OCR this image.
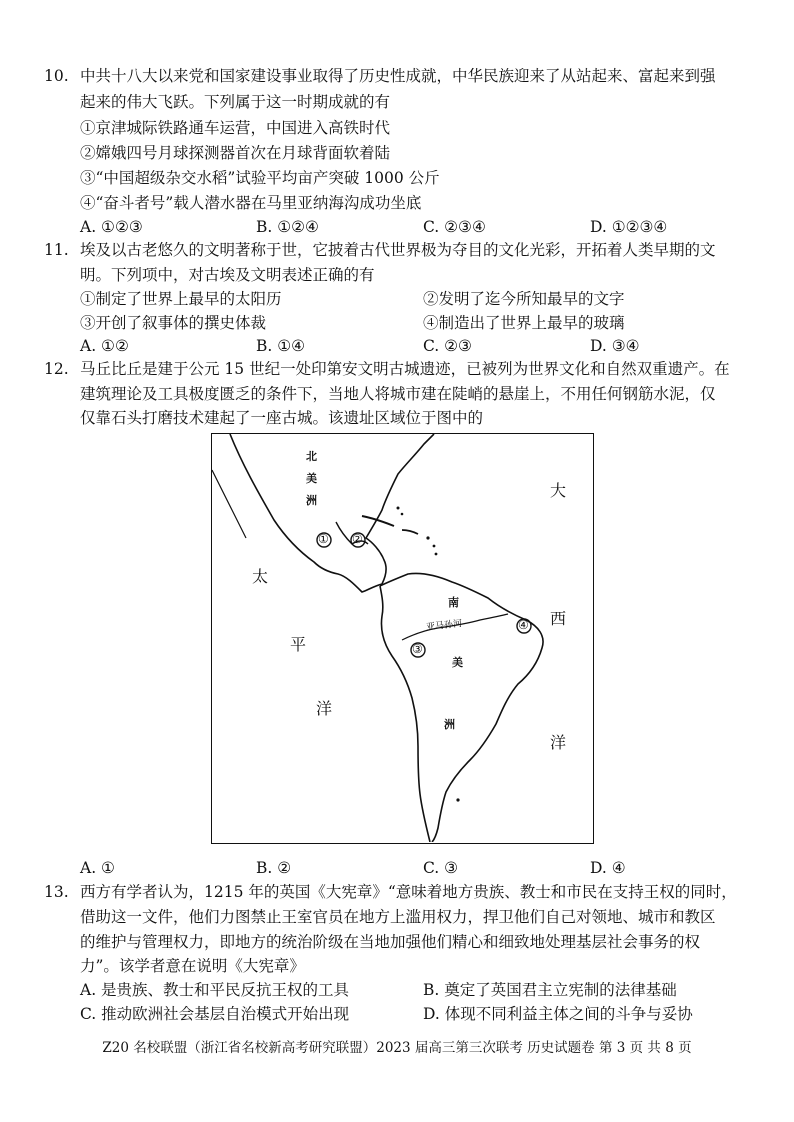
10. 中共十八大以来党和国家建设事业取得了历史性成就，中华民族迎来了从站起来、富起来到强
起来的伟大飞跃。下列属于这一时期成就的有
①京津城际铁路通车运营，中国进入高铁时代
②嫦娥四号月球探测器首次在月球背面软着陆
③“中国超级杂交水稻”试验平均亩产突破 1000 公斤
④“奋斗者号”载人潜水器在马里亚纳海沟成功坐底
A. ①②③	B. ①②④	C. ②③④	D. ①②③④
11. 埃及以古老悠久的文明著称于世，它披着古代世界极为夺目的文化光彩，开拓着人类早期的文
明。下列项中，对古埃及文明表述正确的有
①制定了世界上最早的太阳历	②发明了迄今所知最早的文字
③开创了叙事体的撰史体裁	④制造出了世界上最早的玻璃
A. ①②	B. ①④	C. ②③	D. ③④
12. 马丘比丘是建于公元 15 世纪一处印第安文明古城遗迹，已被列为世界文化和自然双重遗产。在
建筑理论及工具极度匮乏的条件下，当地人将城市建在陡峭的悬崖上，不用任何钢筋水泥，仅
仅靠石头打磨技术建起了一座古城。该遗址区域位于图中的
北
美
洲
南
美
洲
太
平
洋
大
西
洋
亚马孙河
① ②
③
④
A. ①	B. ②	C. ③	D. ④
13. 西方有学者认为，1215 年的英国《大宪章》“意味着地方贵族、教士和市民在支持王权的同时，
借助这一文件，他们力图禁止王室官员在地方上滥用权力，捍卫他们自己对领地、城市和教区
的维护与管理权力，即地方的统治阶级在当地加强他们精心和细致地处理基层社会事务的权
力”。该学者意在说明《大宪章》
A. 是贵族、教士和平民反抗王权的工具	B. 奠定了英国君主立宪制的法律基础
C. 推动欧洲社会基层自治模式开始出现	D. 体现不同利益主体之间的斗争与妥协
Z20 名校联盟（浙江省名校新高考研究联盟）2023 届高三第三次联考 历史试题卷 第 3 页 共 8 页
